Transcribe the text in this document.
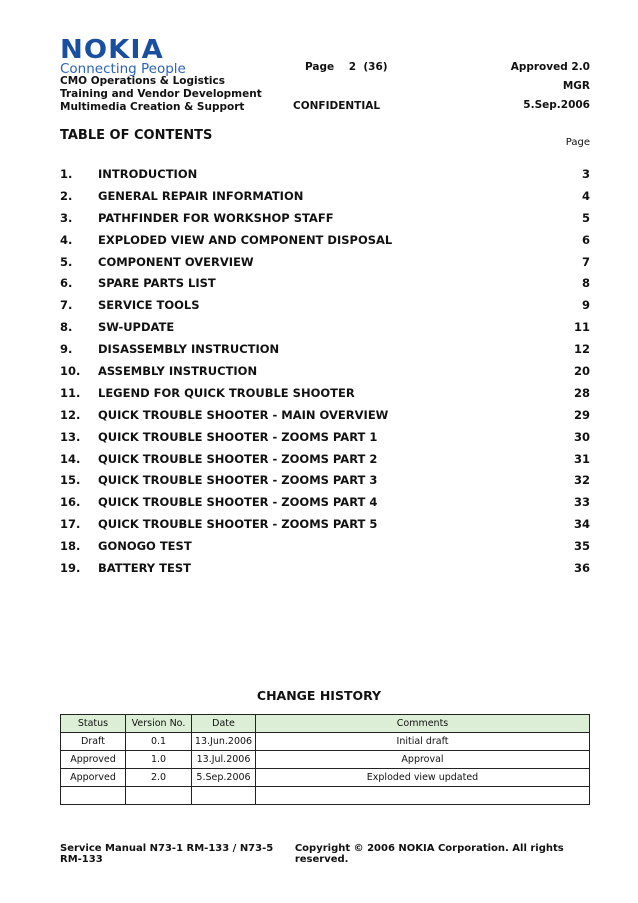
NOKIA
Connecting People
CMO Operations & Logistics
Training and Vendor Development
Multimedia Creation & Support
Page    2  (36)
CONFIDENTIAL
Approved 2.0
MGR
5.Sep.2006
TABLE OF CONTENTS	Page
1.	INTRODUCTION	3
2.	GENERAL REPAIR INFORMATION	4
3.	PATHFINDER FOR WORKSHOP STAFF	5
4.	EXPLODED VIEW AND COMPONENT DISPOSAL	6
5.	COMPONENT OVERVIEW	7
6.	SPARE PARTS LIST	8
7.	SERVICE TOOLS	9
8.	SW-UPDATE	11
9.	DISASSEMBLY INSTRUCTION	12
10.	ASSEMBLY INSTRUCTION	20
11.	LEGEND FOR QUICK TROUBLE SHOOTER	28
12.	QUICK TROUBLE SHOOTER - MAIN OVERVIEW	29
13.	QUICK TROUBLE SHOOTER - ZOOMS PART 1	30
14.	QUICK TROUBLE SHOOTER - ZOOMS PART 2	31
15.	QUICK TROUBLE SHOOTER - ZOOMS PART 3	32
16.	QUICK TROUBLE SHOOTER - ZOOMS PART 4	33
17.	QUICK TROUBLE SHOOTER - ZOOMS PART 5	34
18.	GONOGO TEST	35
19.	BATTERY TEST	36
CHANGE HISTORY
Status	Version No.	Date	Comments
Draft	0.1	13.Jun.2006	Initial draft
Approved	1.0	13.Jul.2006	Approval
Apporved	2.0	5.Sep.2006	Exploded view updated

Service Manual N73-1 RM-133 / N73-5 RM-133
Copyright © 2006 NOKIA Corporation. All rights reserved.
